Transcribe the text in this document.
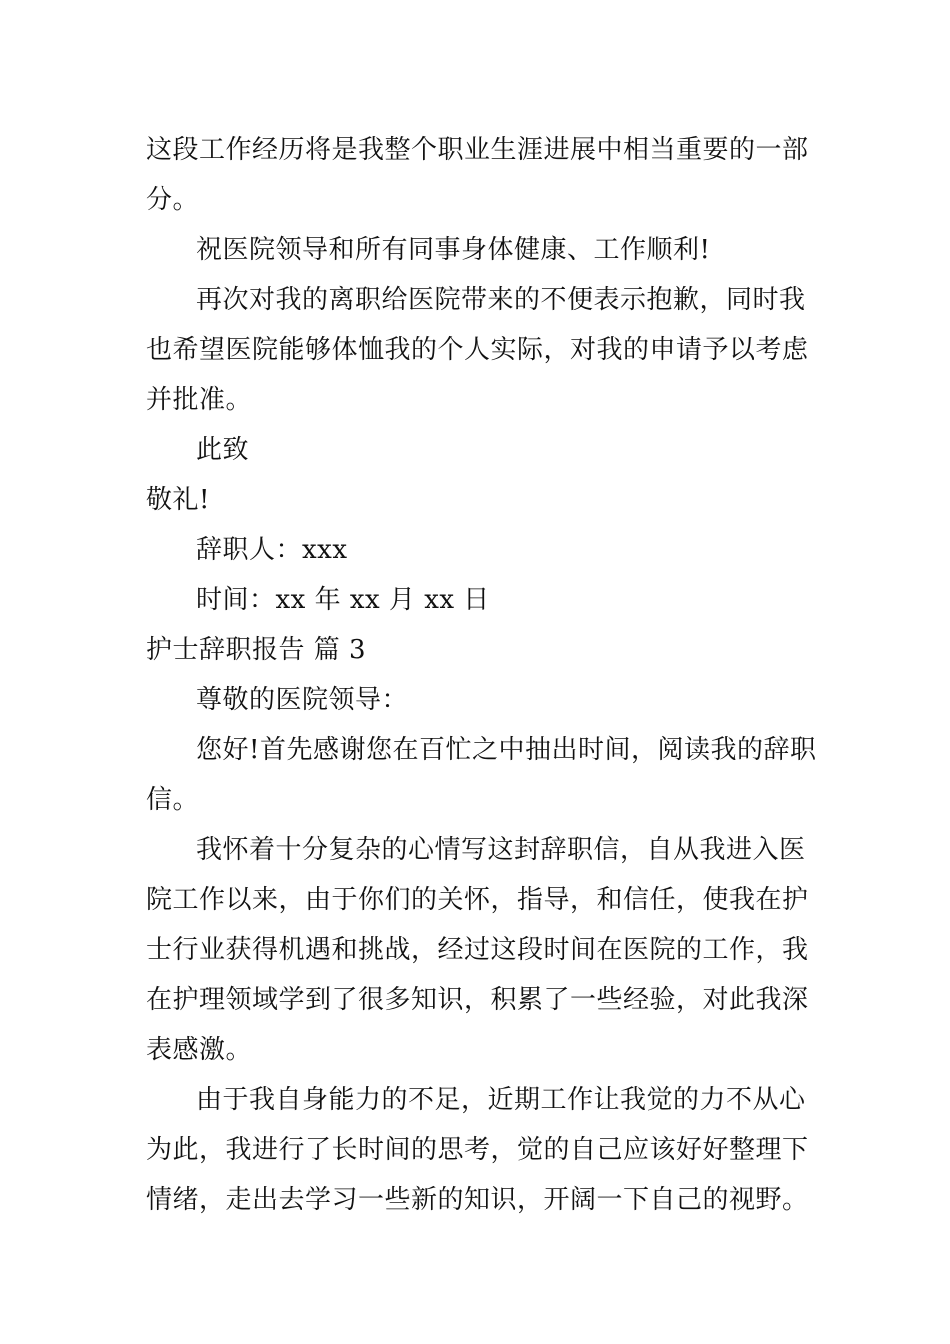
这段工作经历将是我整个职业生涯进展中相当重要的一部
分。
祝医院领导和所有同事身体健康、工作顺利!
再次对我的离职给医院带来的不便表示抱歉，同时我
也希望医院能够体恤我的个人实际，对我的申请予以考虑
并批准。
此致
敬礼!
辞职人：xxx
时间：xx 年 xx 月 xx 日
护士辞职报告 篇 3
尊敬的医院领导：
您好!首先感谢您在百忙之中抽出时间，阅读我的辞职
信。
我怀着十分复杂的心情写这封辞职信，自从我进入医
院工作以来，由于你们的关怀，指导，和信任，使我在护
士行业获得机遇和挑战，经过这段时间在医院的工作，我
在护理领域学到了很多知识，积累了一些经验，对此我深
表感激。
由于我自身能力的不足，近期工作让我觉的力不从心
为此，我进行了长时间的思考，觉的自己应该好好整理下
情绪，走出去学习一些新的知识，开阔一下自己的视野。
